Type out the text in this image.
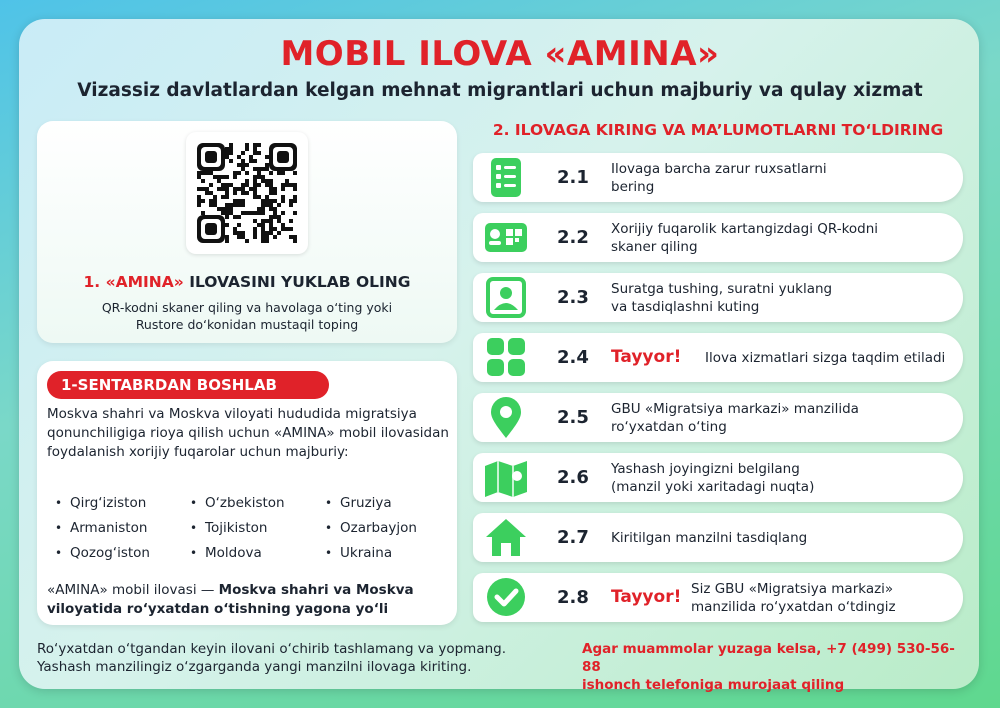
MOBIL ILOVA «AMINA»
Vizassiz davlatlardan kelgan mehnat migrantlari uchun majburiy va qulay xizmat
1. «AMINA» ILOVASINI YUKLAB OLING
QR-kodni skaner qiling va havolaga o‘ting yoki
Rustore do‘konidan mustaqil toping
1-SENTABRDAN BOSHLAB
Moskva shahri va Moskva viloyati hududida migratsiya qonunchiligiga rioya qilish uchun «AMINA» mobil ilovasidan foydalanish xorijiy fuqarolar uchun majburiy:
• Qirg‘iziston	• O‘zbekiston	• Gruziya
• Armaniston	• Tojikiston	• Ozarbayjon
• Qozog‘iston	• Moldova	• Ukraina
«AMINA» mobil ilovasi — Moskva shahri va Moskva viloyatida ro‘yxatdan o‘tishning yagona yo‘li
2. ILOVAGA KIRING VA MA’LUMOTLARNI TO‘LDIRING
2.1 Ilovaga barcha zarur ruxsatlarni
bering
2.2 Xorijiy fuqarolik kartangizdagi QR-kodni
skaner qiling
2.3 Suratga tushing, suratni yuklang
va tasdiqlashni kuting
2.4 Tayyor! Ilova xizmatlari sizga taqdim etiladi
2.5 GBU «Migratsiya markazi» manzilida
ro‘yxatdan o‘ting
2.6 Yashash joyingizni belgilang
(manzil yoki xaritadagi nuqta)
2.7 Kiritilgan manzilni tasdiqlang
2.8 Tayyor! Siz GBU «Migratsiya markazi»
manzilida ro‘yxatdan o‘tdingiz
Ro‘yxatdan o‘tgandan keyin ilovani o‘chirib tashlamang va yopmang.
Yashash manzilingiz o‘zgarganda yangi manzilni ilovaga kiriting.
Agar muammolar yuzaga kelsa, +7 (499) 530-56-88
ishonch telefoniga murojaat qiling
